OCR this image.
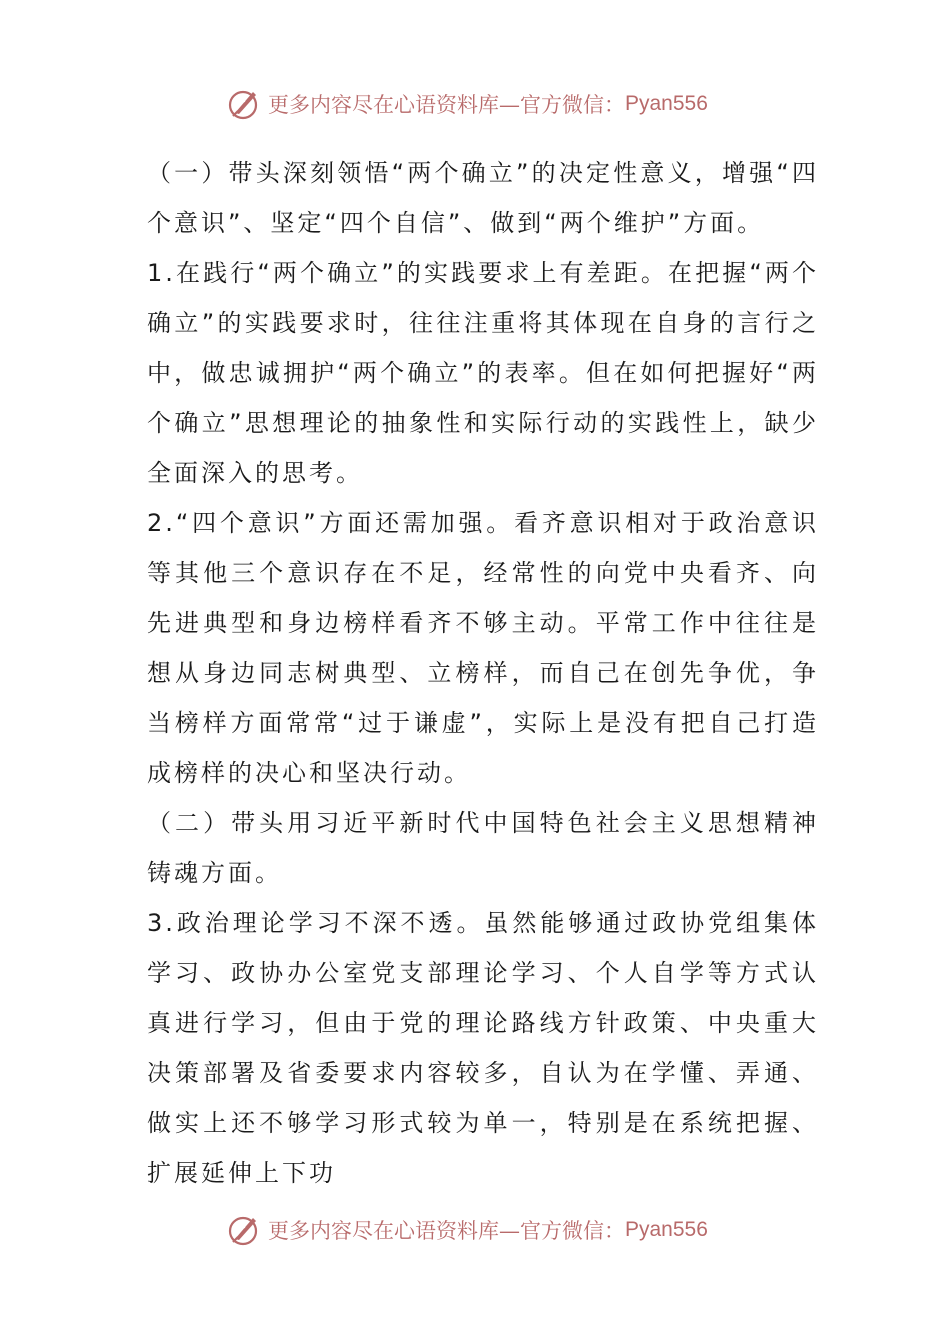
更多内容尽在心语资料库—官方微信： Pyan556

（一）带头深刻领悟“两个确立”的决定性意义，增强“四个意识”、坚定“四个自信”、做到“两个维护”方面。

1.在践行“两个确立”的实践要求上有差距。在把握“两个确立”的实践要求时，往往注重将其体现在自身的言行之中，做忠诚拥护“两个确立”的表率。但在如何把握好“两个确立”思想理论的抽象性和实际行动的实践性上，缺少全面深入的思考。

2.“四个意识”方面还需加强。看齐意识相对于政治意识等其他三个意识存在不足，经常性的向党中央看齐、向先进典型和身边榜样看齐不够主动。平常工作中往往是想从身边同志树典型、立榜样，而自己在创先争优，争当榜样方面常常“过于谦虚”，实际上是没有把自己打造成榜样的决心和坚决行动。

（二）带头用习近平新时代中国特色社会主义思想精神铸魂方面。

3.政治理论学习不深不透。虽然能够通过政协党组集体学习、政协办公室党支部理论学习、个人自学等方式认真进行学习，但由于党的理论路线方针政策、中央重大决策部署及省委要求内容较多，自认为在学懂、弄通、做实上还不够学习形式较为单一，特别是在系统把握、扩展延伸上下功

更多内容尽在心语资料库—官方微信： Pyan556
